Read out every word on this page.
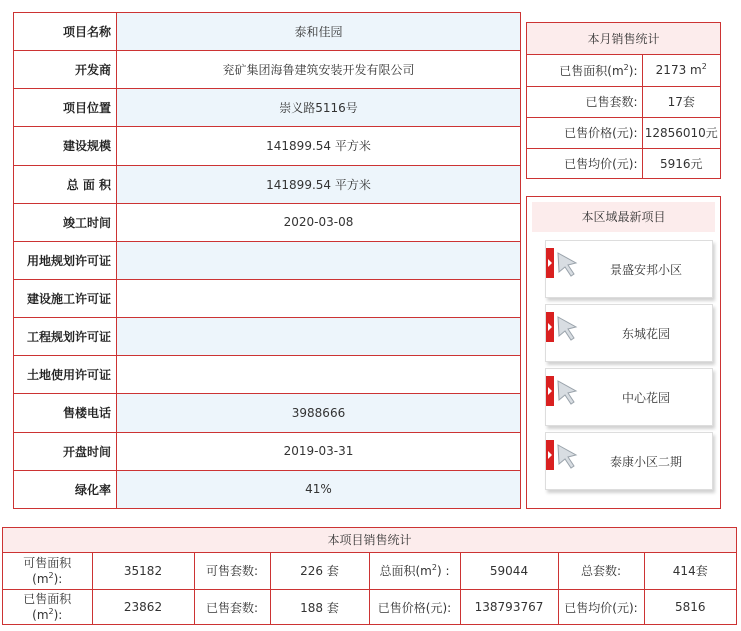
项目名称	泰和佳园
开发商	兖矿集团海鲁建筑安装开发有限公司
项目位置	崇义路5116号
建设规模	141899.54 平方米
总 面 积	141899.54 平方米
竣工时间	2020-03-08
用地规划许可证	
建设施工许可证	
工程规划许可证	
土地使用许可证	
售楼电话	3988666
开盘时间	2019-03-31
绿化率	41%
本月销售统计
已售面积$(m^2)$:	2173 $m^2$
已售套数:	17套
已售价格(元):	12856010元
已售均价(元):	5916元
本区域最新项目
景盛安邦小区
东城花园
中心花园
泰康小区二期
本项目销售统计
可售面积
$(m^2)$:	35182	可售套数:	226 套	总面积$(m^2)$ :	59044	总套数:	414套
已售面积
$(m^2)$:	23862	已售套数:	188 套	已售价格(元):	138793767	已售均价(元):	5816
